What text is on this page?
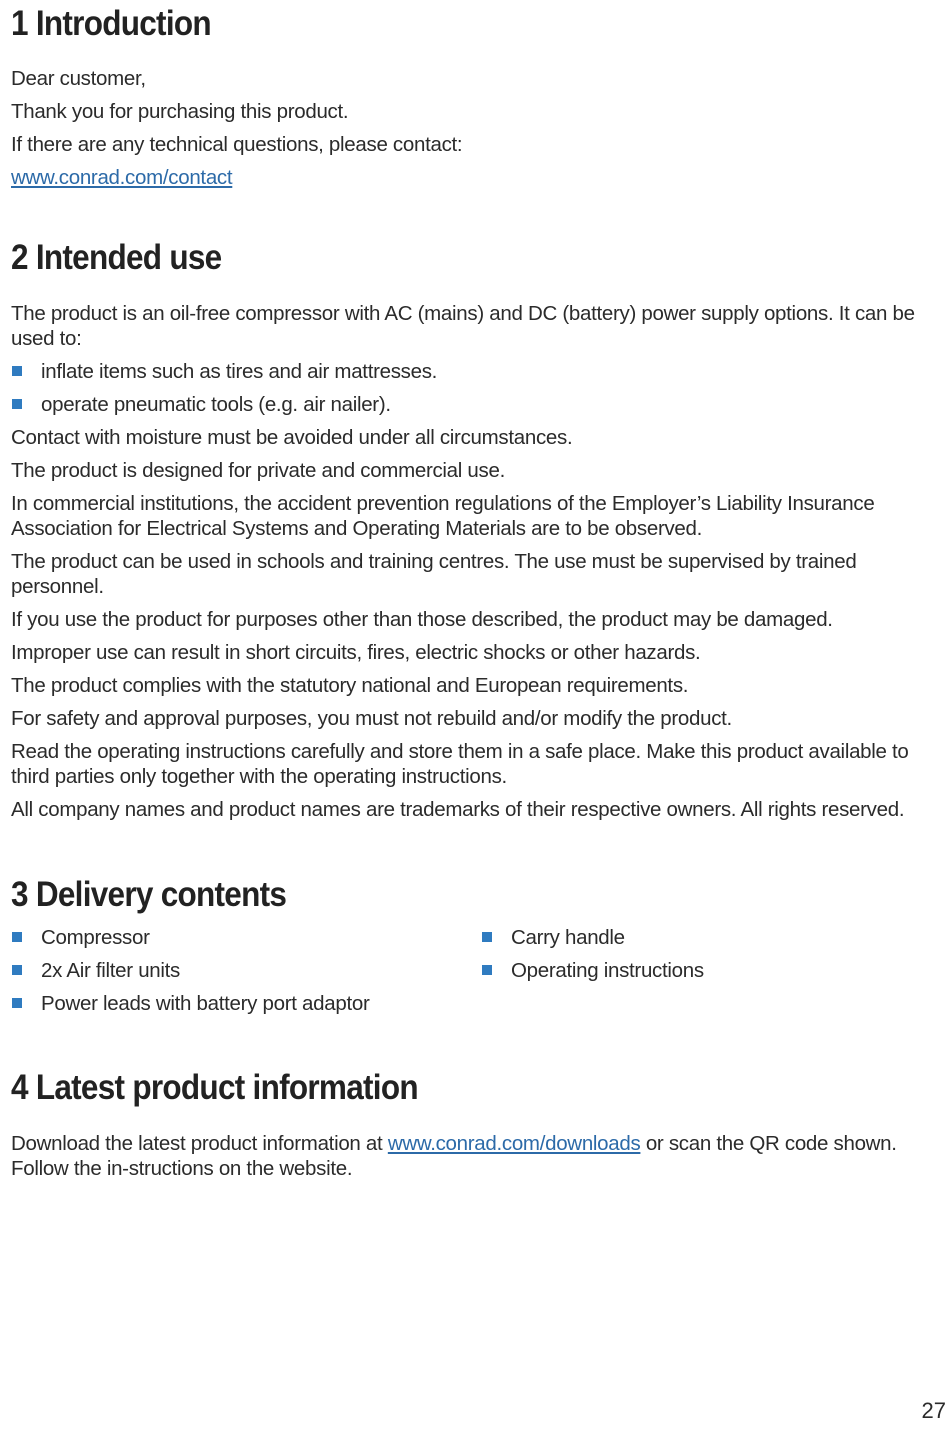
1 Introduction

Dear customer,

Thank you for purchasing this product.

If there are any technical questions, please contact:

www.conrad.com/contact

2 Intended use

The product is an oil-free compressor with AC (mains) and DC (battery) power supply options. It can be used to:

inflate items such as tires and air mattresses.
operate pneumatic tools (e.g. air nailer).

Contact with moisture must be avoided under all circumstances.

The product is designed for private and commercial use.

In commercial institutions, the accident prevention regulations of the Employer’s Liability Insurance Association for Electrical Systems and Operating Materials are to be observed.

The product can be used in schools and training centres. The use must be supervised by trained personnel.

If you use the product for purposes other than those described, the product may be damaged.

Improper use can result in short circuits, fires, electric shocks or other hazards.

The product complies with the statutory national and European requirements.

For safety and approval purposes, you must not rebuild and/or modify the product.

Read the operating instructions carefully and store them in a safe place. Make this product available to third parties only together with the operating instructions.

All company names and product names are trademarks of their respective owners. All rights reserved.

3 Delivery contents
Compressor
2x Air filter units
Power leads with battery port adaptor
Carry handle
Operating instructions
4 Latest product information

Download the latest product information at www.conrad.com/downloads or scan the QR code shown. Follow the in-structions on the website.

27
